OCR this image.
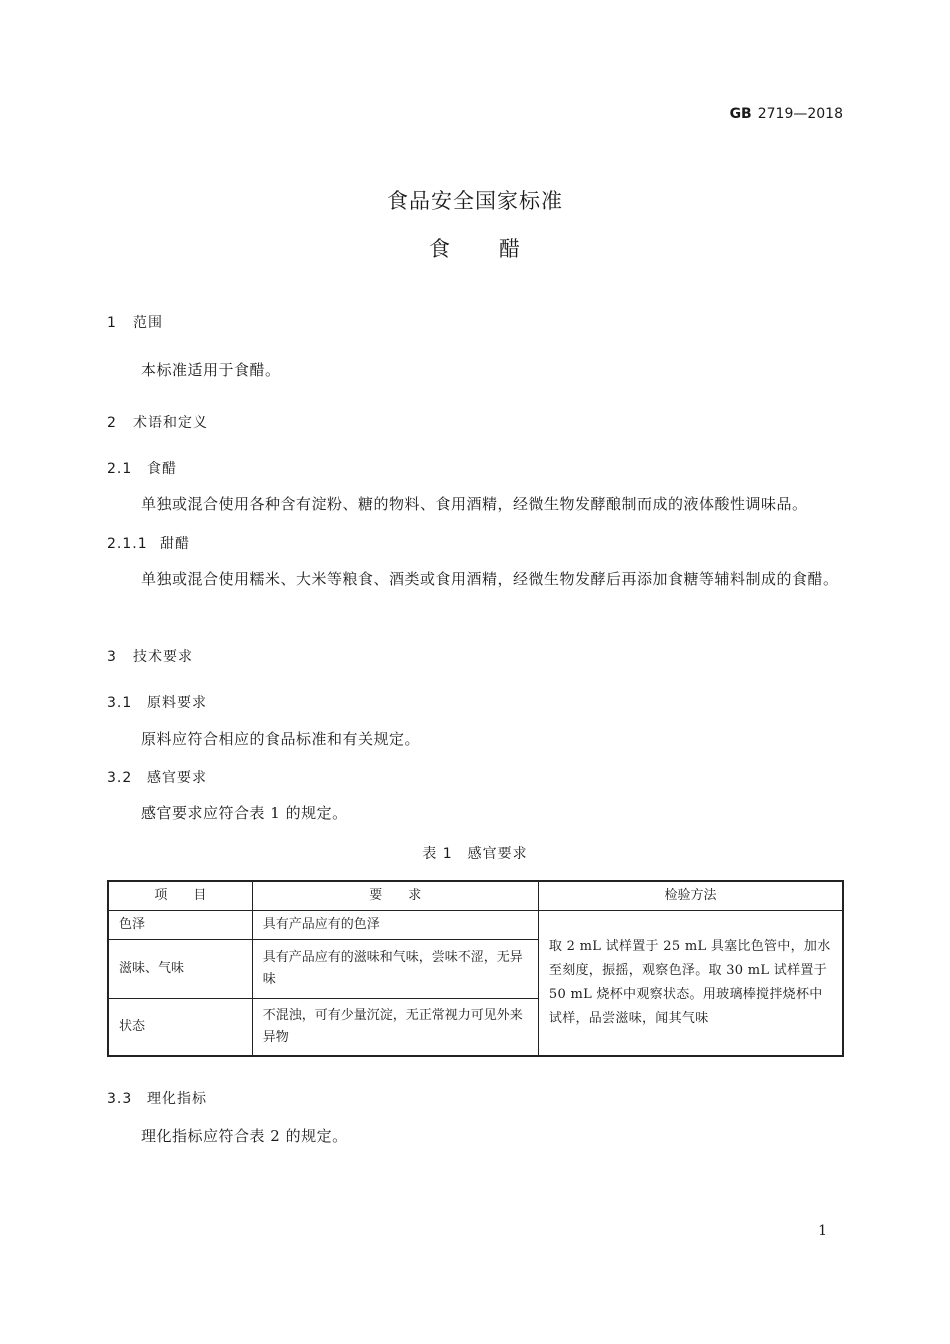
GB 2719—2018
食品安全国家标准
食 醋
1 范围
本标准适用于食醋。
2 术语和定义
2.1 食醋
单独或混合使用各种含有淀粉、糖的物料、食用酒精，经微生物发酵酿制而成的液体酸性调味品。
2.1.1 甜醋
单独或混合使用糯米、大米等粮食、酒类或食用酒精，经微生物发酵后再添加食糖等辅料制成的食醋。
3 技术要求
3.1 原料要求
原料应符合相应的食品标准和有关规定。
3.2 感官要求
感官要求应符合表 1 的规定。
表 1　感官要求
项　　目	要　　求	检验方法
色泽	具有产品应有的色泽	取 2 mL 试样置于 25 mL 具塞比色管中，加水至刻度，振摇，观察色泽。取 30 mL 试样置于 50 mL 烧杯中观察状态。用玻璃棒搅拌烧杯中试样，品尝滋味，闻其气味
滋味、气味	具有产品应有的滋味和气味，尝味不涩，无异味	
状态	不混浊，可有少量沉淀，无正常视力可见外来异物	
3.3 理化指标
理化指标应符合表 2 的规定。
1
